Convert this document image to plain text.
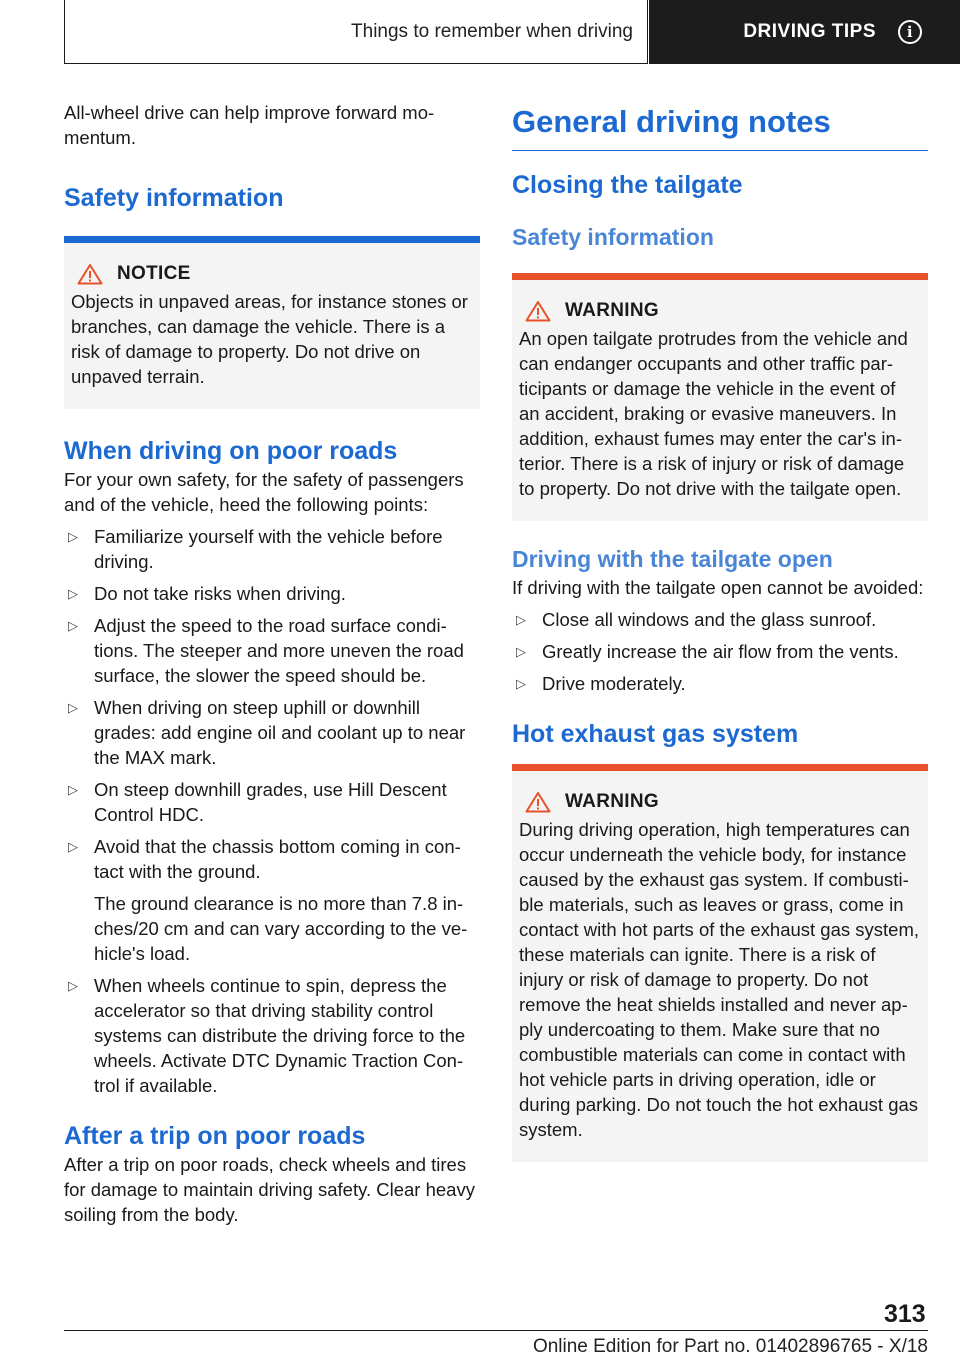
Things to remember when driving	DRIVING TIPS	i

All-wheel drive can help improve forward momentum.

Safety information
NOTICE

Objects in unpaved areas, for instance stones or branches, can damage the vehicle. There is a risk of damage to property. Do not drive on unpaved terrain.

When driving on poor roads

For your own safety, for the safety of passengers and of the vehicle, heed the following points:

▷ Familiarize yourself with the vehicle before driving.
▷ Do not take risks when driving.
▷ Adjust the speed to the road surface conditions. The steeper and more uneven the road surface, the slower the speed should be.
▷ When driving on steep uphill or downhill grades: add engine oil and coolant up to near the MAX mark.
▷ On steep downhill grades, use Hill Descent Control HDC.
▷ Avoid that the chassis bottom coming in contact with the ground.

The ground clearance is no more than 7.8 inches/20 cm and can vary according to the vehicle's load.

▷ When wheels continue to spin, depress the accelerator so that driving stability control systems can distribute the driving force to the wheels. Activate DTC Dynamic Traction Control if available.
After a trip on poor roads

After a trip on poor roads, check wheels and tires for damage to maintain driving safety. Clear heavy soiling from the body.

General driving notes
Closing the tailgate
Safety information
WARNING

An open tailgate protrudes from the vehicle and can endanger occupants and other traffic participants or damage the vehicle in the event of an accident, braking or evasive maneuvers. In addition, exhaust fumes may enter the car's interior. There is a risk of injury or risk of damage to property. Do not drive with the tailgate open.

Driving with the tailgate open

If driving with the tailgate open cannot be avoided:

▷ Close all windows and the glass sunroof.
▷ Greatly increase the air flow from the vents.
▷ Drive moderately.
Hot exhaust gas system
WARNING

During driving operation, high temperatures can occur underneath the vehicle body, for instance caused by the exhaust gas system. If combustible materials, such as leaves or grass, come in contact with hot parts of the exhaust gas system, these materials can ignite. There is a risk of injury or risk of damage to property. Do not remove the heat shields installed and never apply undercoating to them. Make sure that no combustible materials can come in contact with hot vehicle parts in driving operation, idle or during parking. Do not touch the hot exhaust gas system.

313
Online Edition for Part no. 01402896765 - X/18
